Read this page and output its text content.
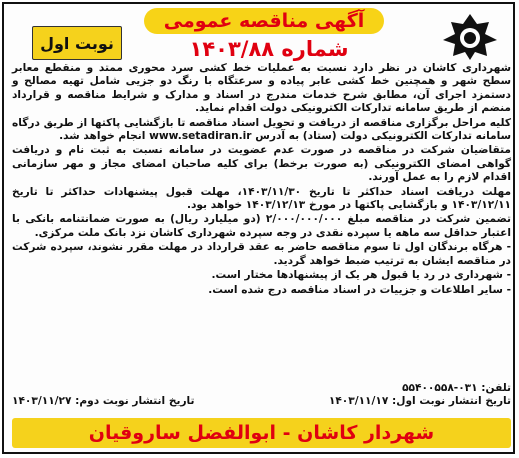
نوبت اول
آگهی مناقصه عمومی
شماره ۱۴۰۳/۸۸

شهرداری کاشان در نظر دارد نسبت به عملیات خط کشی سرد محوری ممتد و منقطع معابر سطح شهر و همچنین خط کشی عابر پیاده و سرعتگاه با رنگ دو جزیی شامل تهیه مصالح و دستمزد اجرای آن، مطابق شرح خدمات مندرج در اسناد و مدارک و شرایط مناقصه و قرارداد منضم از طریق سامانه تدارکات الکترونیکی دولت اقدام نماید.

کلیه مراحل برگزاری مناقصه از دریافت و تحویل اسناد مناقصه تا بازگشایی پاکتها از طریق درگاه سامانه تدارکات الکترونیکی دولت (ستاد) به آدرس www.setadiran.ir انجام خواهد شد.

متقاضیان شرکت در مناقصه در صورت عدم عضویت در سامانه نسبت به ثبت نام و دریافت گواهی امضای الکترونیکی (به صورت برخط) برای کلیه صاحبان امضای مجاز و مهر سازمانی اقدام لازم را به عمل آورند.

مهلت دریافت اسناد حداکثر تا تاریخ ۱۴۰۳/۱۱/۳۰، مهلت قبول پیشنهادات حداکثر تا تاریخ ۱۴۰۳/۱۲/۱۱ و بازگشایی پاکتها در مورخ ۱۴۰۳/۱۲/۱۳ خواهد بود.

تضمین شرکت در مناقصه مبلغ ۲/۰۰۰/۰۰۰/۰۰۰ (دو میلیارد ریال) به صورت ضمانتنامه بانکی با اعتبار حداقل سه ماهه یا سپرده نقدی در وجه سپرده شهرداری کاشان نزد بانک ملت مرکزی.

- هرگاه برندگان اول تا سوم مناقصه حاضر به عقد قرارداد در مهلت مقرر نشوند، سپرده شرکت در مناقصه ایشان به ترتیب ضبط خواهد گردید.

- شهرداری در رد یا قبول هر یک از پیشنهادها مختار است.

- سایر اطلاعات و جزییات در اسناد مناقصه درج شده است.

تلفن: ۰۳۱-۵۵۴۰۰۵۵۸
تاریخ انتشار نوبت اول: ۱۴۰۳/۱۱/۱۷
تاریخ انتشار نوبت دوم: ۱۴۰۳/۱۱/۲۷
شهردار کاشان - ابوالفضل ساروقیان
